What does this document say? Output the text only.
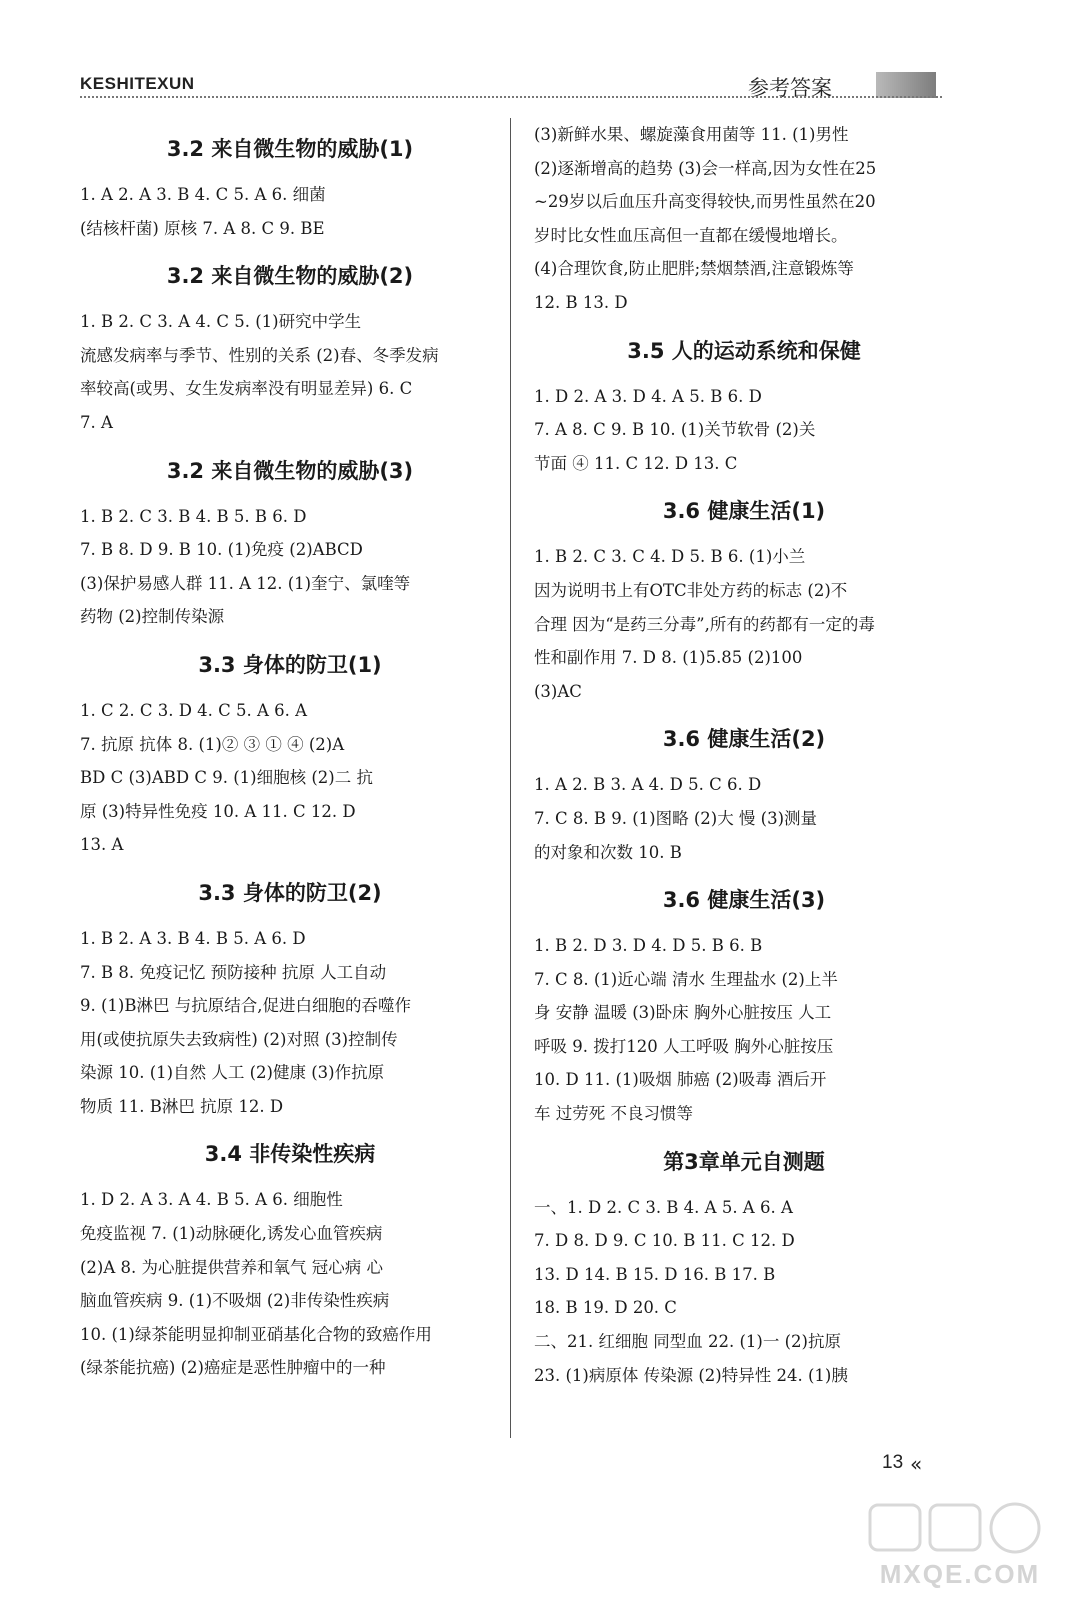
KESHITEXUN	参考答案
3.2 来自微生物的威胁(1)
1. A 2. A 3. B 4. C 5. A 6. 细菌
(结核杆菌) 原核 7. A 8. C 9. BE
3.2 来自微生物的威胁(2)
1. B 2. C 3. A 4. C 5. (1)研究中学生
流感发病率与季节、性别的关系 (2)春、冬季发病
率较高(或男、女生发病率没有明显差异) 6. C
7. A
3.2 来自微生物的威胁(3)
1. B 2. C 3. B 4. B 5. B 6. D
7. B 8. D 9. B 10. (1)免疫 (2)ABCD
(3)保护易感人群 11. A 12. (1)奎宁、氯喹等
药物 (2)控制传染源
3.3 身体的防卫(1)
1. C 2. C 3. D 4. C 5. A 6. A
7. 抗原 抗体 8. (1)② ③ ① ④ (2)A
BD C (3)ABD C 9. (1)细胞核 (2)二 抗
原 (3)特异性免疫 10. A 11. C 12. D
13. A
3.3 身体的防卫(2)
1. B 2. A 3. B 4. B 5. A 6. D
7. B 8. 免疫记忆 预防接种 抗原 人工自动
9. (1)B淋巴 与抗原结合,促进白细胞的吞噬作
用(或使抗原失去致病性) (2)对照 (3)控制传
染源 10. (1)自然 人工 (2)健康 (3)作抗原
物质 11. B淋巴 抗原 12. D
3.4 非传染性疾病
1. D 2. A 3. A 4. B 5. A 6. 细胞性
免疫监视 7. (1)动脉硬化,诱发心血管疾病
(2)A 8. 为心脏提供营养和氧气 冠心病 心
脑血管疾病 9. (1)不吸烟 (2)非传染性疾病
10. (1)绿茶能明显抑制亚硝基化合物的致癌作用
(绿茶能抗癌) (2)癌症是恶性肿瘤中的一种
(3)新鲜水果、螺旋藻食用菌等 11. (1)男性
(2)逐渐增高的趋势 (3)会一样高,因为女性在25
~29岁以后血压升高变得较快,而男性虽然在20
岁时比女性血压高但一直都在缓慢地增长。
(4)合理饮食,防止肥胖;禁烟禁酒,注意锻炼等
12. B 13. D
3.5 人的运动系统和保健
1. D 2. A 3. D 4. A 5. B 6. D
7. A 8. C 9. B 10. (1)关节软骨 (2)关
节面 ④ 11. C 12. D 13. C
3.6 健康生活(1)
1. B 2. C 3. C 4. D 5. B 6. (1)小兰
因为说明书上有OTC非处方药的标志 (2)不
合理 因为“是药三分毒”,所有的药都有一定的毒
性和副作用 7. D 8. (1)5.85 (2)100
(3)AC
3.6 健康生活(2)
1. A 2. B 3. A 4. D 5. C 6. D
7. C 8. B 9. (1)图略 (2)大 慢 (3)测量
的对象和次数 10. B
3.6 健康生活(3)
1. B 2. D 3. D 4. D 5. B 6. B
7. C 8. (1)近心端 清水 生理盐水 (2)上半
身 安静 温暖 (3)卧床 胸外心脏按压 人工
呼吸 9. 拨打120 人工呼吸 胸外心脏按压
10. D 11. (1)吸烟 肺癌 (2)吸毒 酒后开
车 过劳死 不良习惯等
第3章单元自测题
一、1. D 2. C 3. B 4. A 5. A 6. A
7. D 8. D 9. C 10. B 11. C 12. D
13. D 14. B 15. D 16. B 17. B
18. B 19. D 20. C
二、21. 红细胞 同型血 22. (1)一 (2)抗原
23. (1)病原体 传染源 (2)特异性 24. (1)胰
13 «
MXQE.COM
